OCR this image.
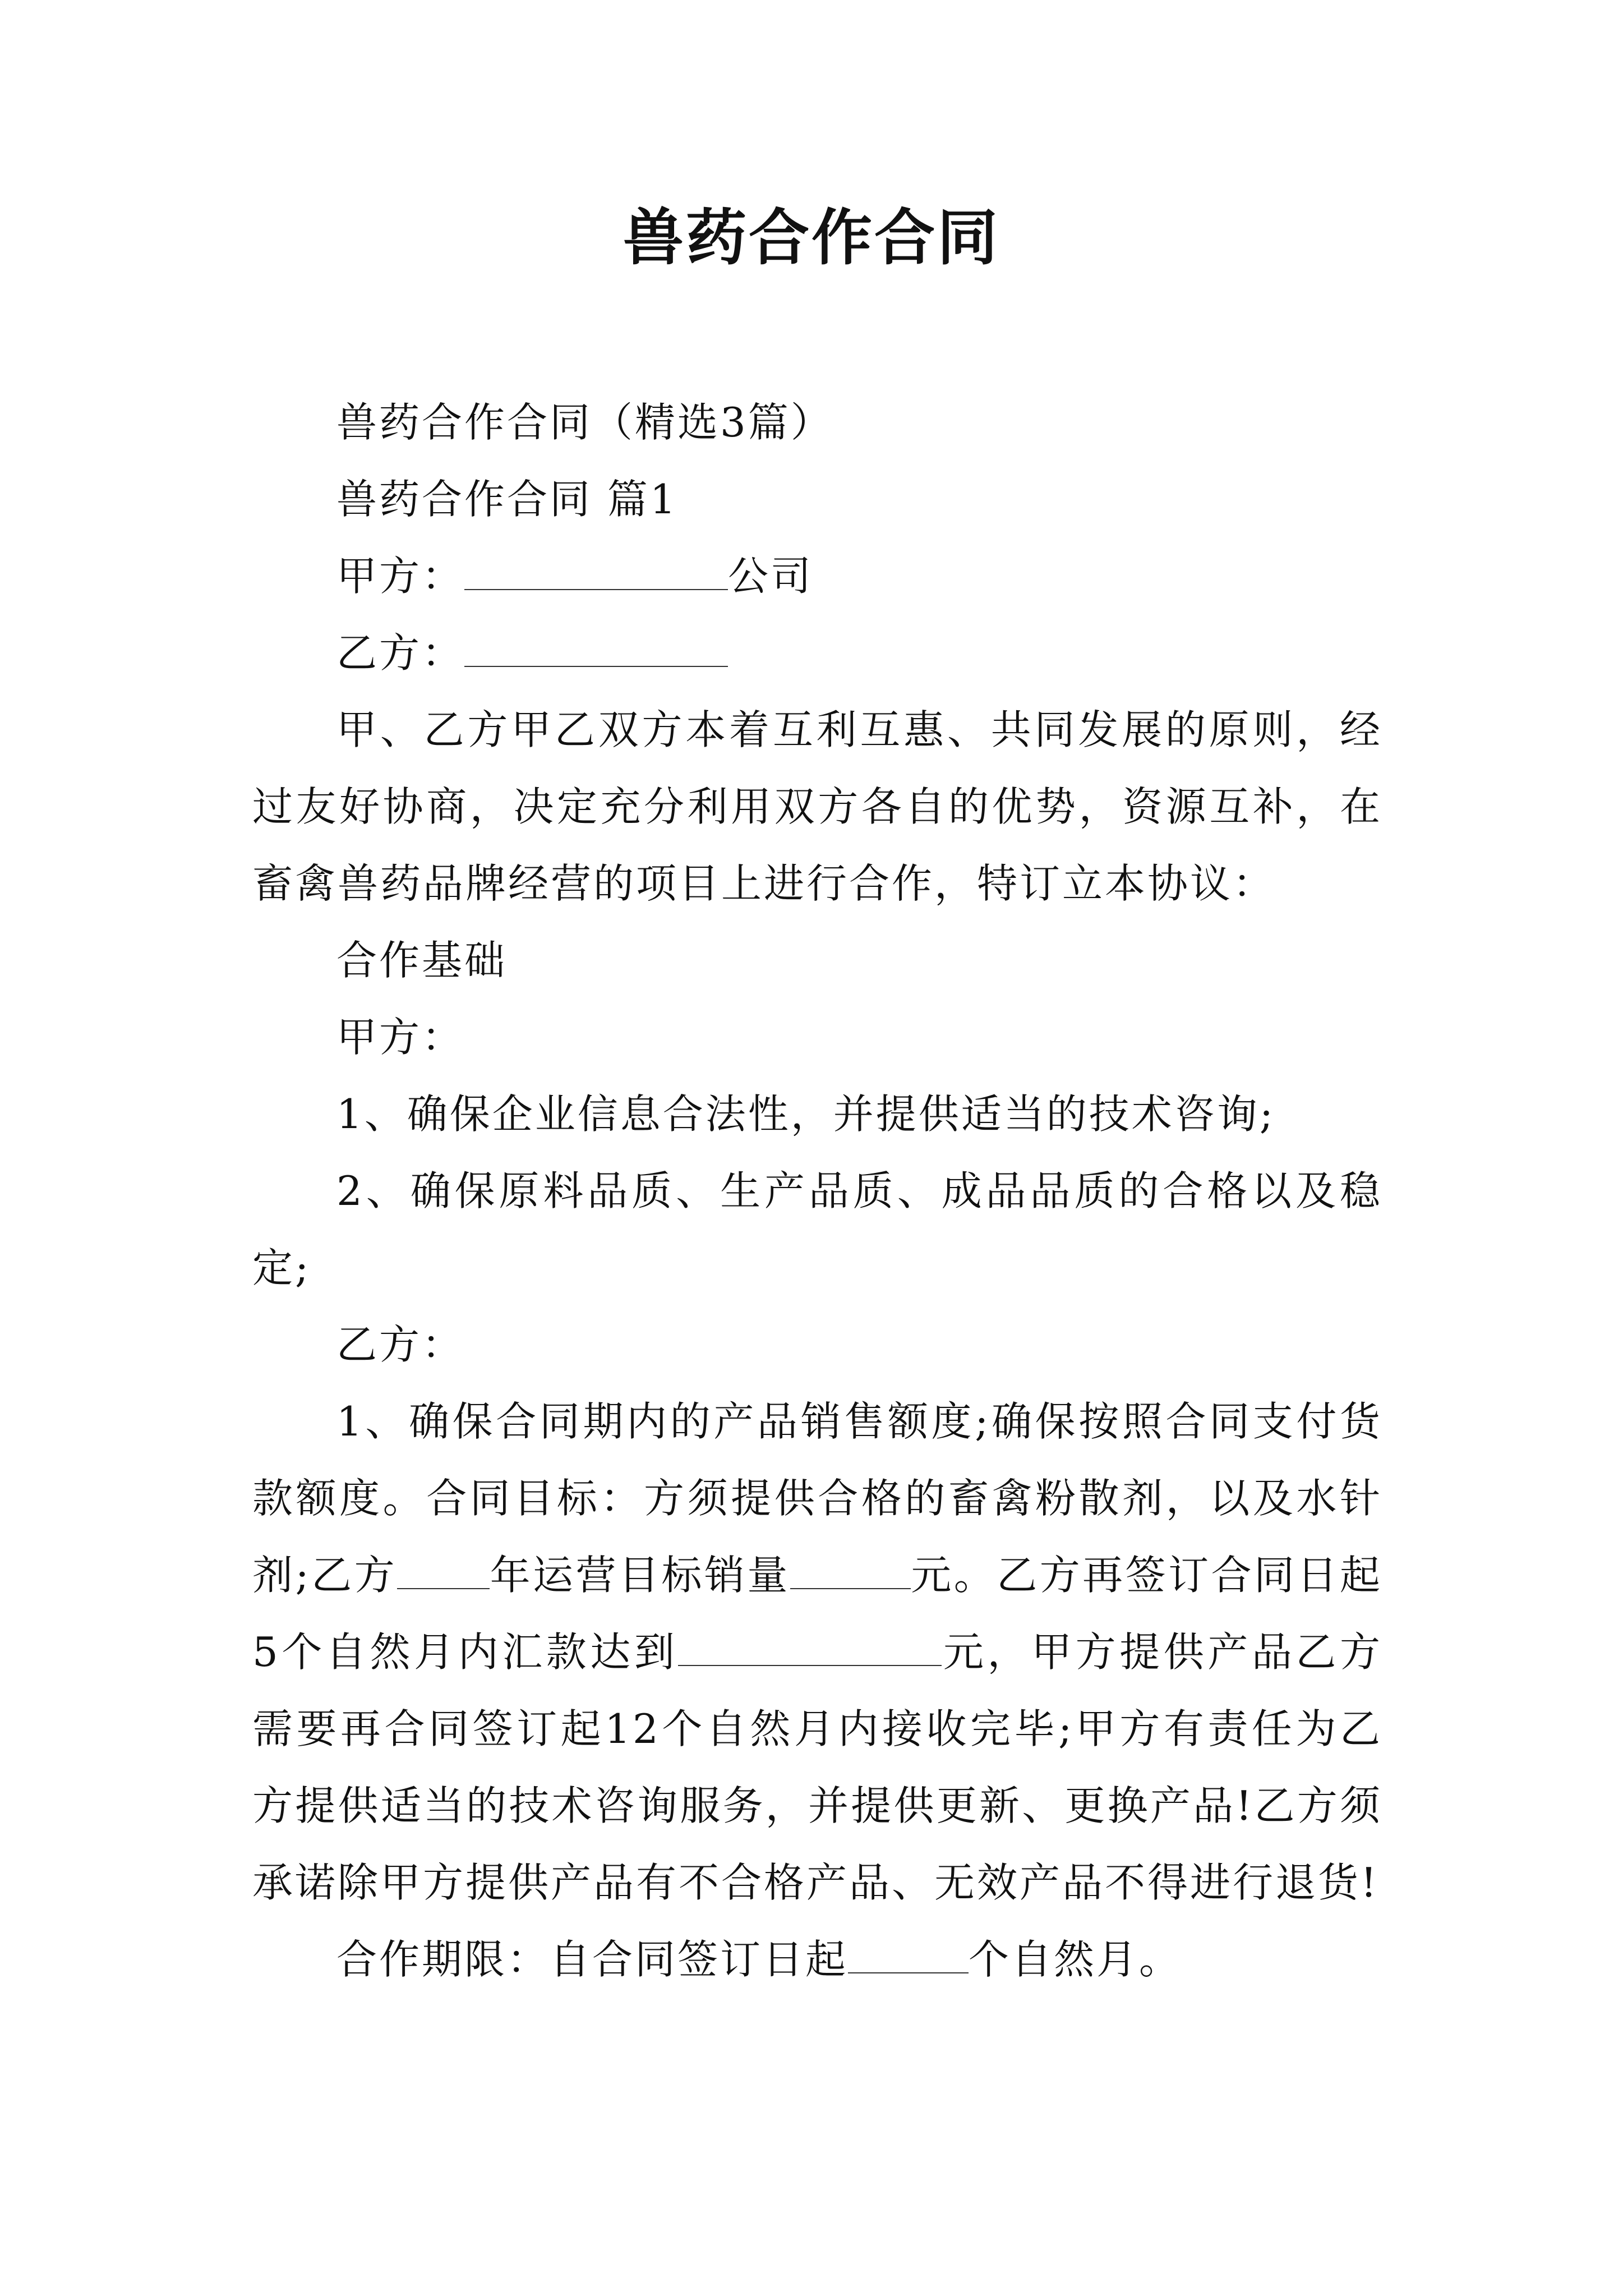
兽药合作合同

兽药合作合同（精选3篇）

兽药合作合同 篇1

甲方：	公司

乙方：

甲、乙方甲乙双方本着互利互惠、共同发展的原则，经过友好协商，决定充分利用双方各自的优势，资源互补，在畜禽兽药品牌经营的项目上进行合作，特订立本协议：

合作基础

甲方：

1、确保企业信息合法性，并提供适当的技术咨询;

2、确保原料品质、生产品质、成品品质的合格以及稳定;

乙方：

1、确保合同期内的产品销售额度;确保按照合同支付货款额度。合同目标：方须提供合格的畜禽粉散剂，以及水针剂;乙方 年运营目标销量	元。乙方再签订合同日起5个自然月内汇款达到	元，甲方提供产品乙方需要再合同签订起12个自然月内接收完毕;甲方有责任为乙方提供适当的技术咨询服务，并提供更新、更换产品!乙方须承诺除甲方提供产品有不合格产品、无效产品不得进行退货!

合作期限：自合同签订日起	个自然月。
